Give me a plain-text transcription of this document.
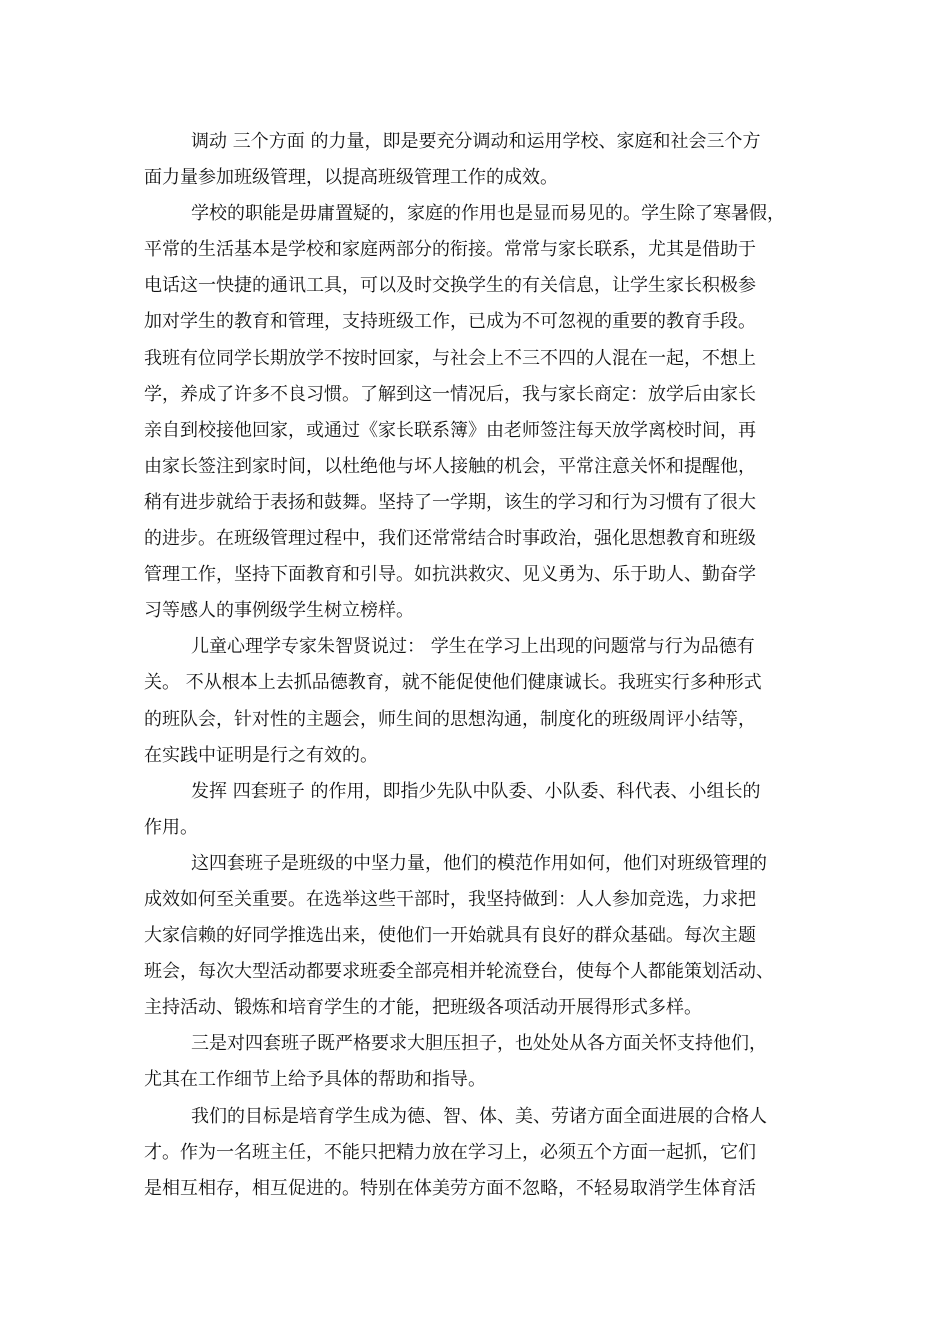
调动 三个方面 的力量，即是要充分调动和运用学校、家庭和社会三个方
面力量参加班级管理，以提高班级管理工作的成效。
学校的职能是毋庸置疑的，家庭的作用也是显而易见的。学生除了寒暑假，
平常的生活基本是学校和家庭两部分的衔接。常常与家长联系，尤其是借助于
电话这一快捷的通讯工具，可以及时交换学生的有关信息，让学生家长积极参
加对学生的教育和管理，支持班级工作，已成为不可忽视的重要的教育手段。
我班有位同学长期放学不按时回家，与社会上不三不四的人混在一起，不想上
学，养成了许多不良习惯。了解到这一情况后，我与家长商定：放学后由家长
亲自到校接他回家，或通过《家长联系簿》由老师签注每天放学离校时间，再
由家长签注到家时间，以杜绝他与坏人接触的机会，平常注意关怀和提醒他，
稍有进步就给于表扬和鼓舞。坚持了一学期，该生的学习和行为习惯有了很大
的进步。在班级管理过程中，我们还常常结合时事政治，强化思想教育和班级
管理工作，坚持下面教育和引导。如抗洪救灾、见义勇为、乐于助人、勤奋学
习等感人的事例级学生树立榜样。
儿童心理学专家朱智贤说过： 学生在学习上出现的问题常与行为品德有
关。 不从根本上去抓品德教育，就不能促使他们健康诚长。我班实行多种形式
的班队会，针对性的主题会，师生间的思想沟通，制度化的班级周评小结等，
在实践中证明是行之有效的。
发挥 四套班子 的作用，即指少先队中队委、小队委、科代表、小组长的
作用。
这四套班子是班级的中坚力量，他们的模范作用如何，他们对班级管理的
成效如何至关重要。在选举这些干部时，我坚持做到：人人参加竞选，力求把
大家信赖的好同学推选出来，使他们一开始就具有良好的群众基础。每次主题
班会，每次大型活动都要求班委全部亮相并轮流登台，使每个人都能策划活动、
主持活动、锻炼和培育学生的才能，把班级各项活动开展得形式多样。
三是对四套班子既严格要求大胆压担子，也处处从各方面关怀支持他们，
尤其在工作细节上给予具体的帮助和指导。
我们的目标是培育学生成为德、智、体、美、劳诸方面全面进展的合格人
才。作为一名班主任，不能只把精力放在学习上，必须五个方面一起抓，它们
是相互相存，相互促进的。特别在体美劳方面不忽略，不轻易取消学生体育活
